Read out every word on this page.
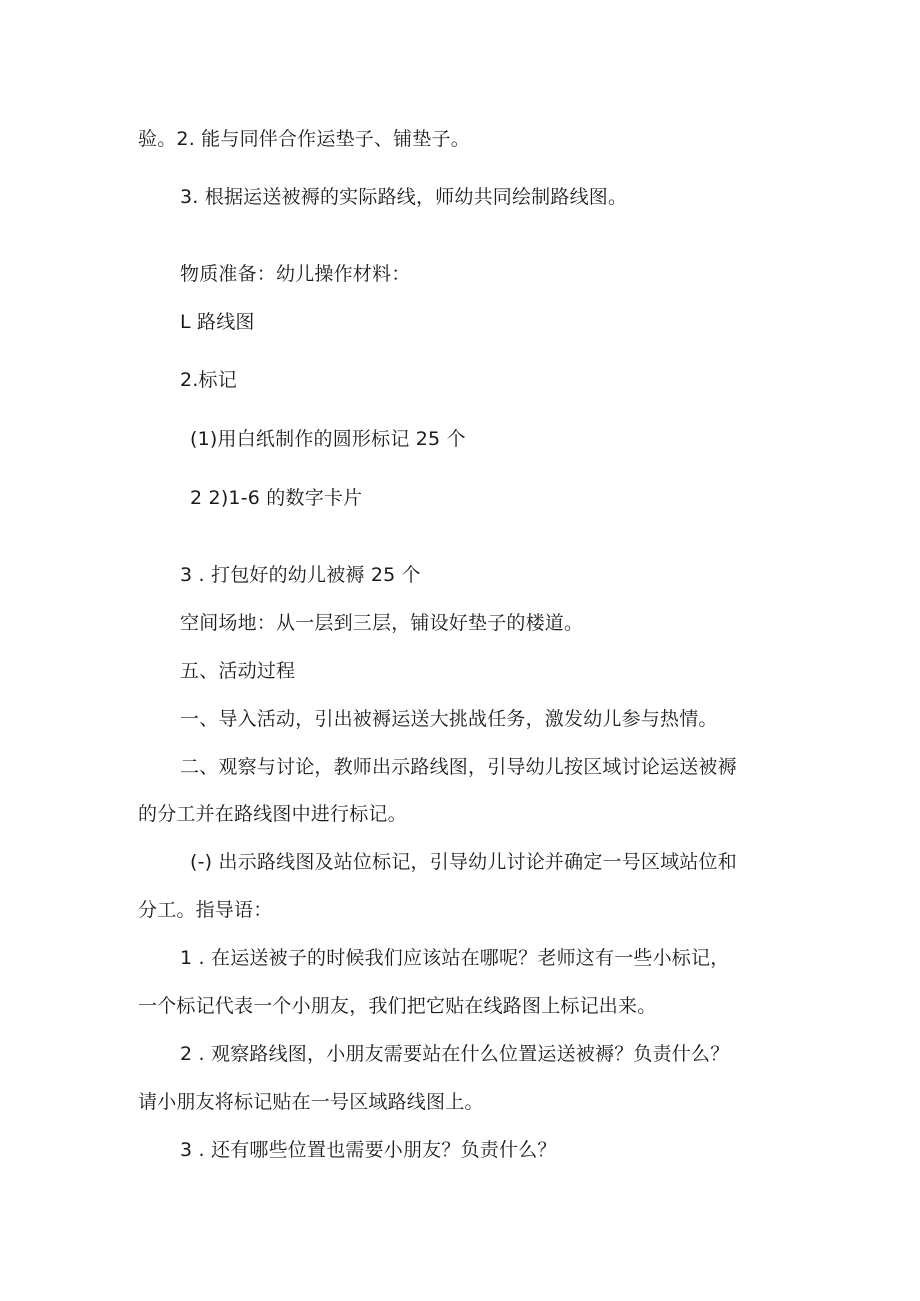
验。2. 能与同伴合作运垫子、铺垫子。
3. 根据运送被褥的实际路线，师幼共同绘制路线图。
物质准备：幼儿操作材料：
L 路线图
2.标记
(1)用白纸制作的圆形标记 25 个
2 2)1-6 的数字卡片
3 . 打包好的幼儿被褥 25 个
空间场地：从一层到三层，铺设好垫子的楼道。
五、活动过程
一、导入活动，引出被褥运送大挑战任务，激发幼儿参与热情。
二、观察与讨论，教师出示路线图，引导幼儿按区域讨论运送被褥
的分工并在路线图中进行标记。
(-) 出示路线图及站位标记，引导幼儿讨论并确定一号区域站位和
分工。指导语：
1 . 在运送被子的时候我们应该站在哪呢？老师这有一些小标记，
一个标记代表一个小朋友，我们把它贴在线路图上标记出来。
2 . 观察路线图，小朋友需要站在什么位置运送被褥？负责什么？
请小朋友将标记贴在一号区域路线图上。
3 . 还有哪些位置也需要小朋友？负责什么？
